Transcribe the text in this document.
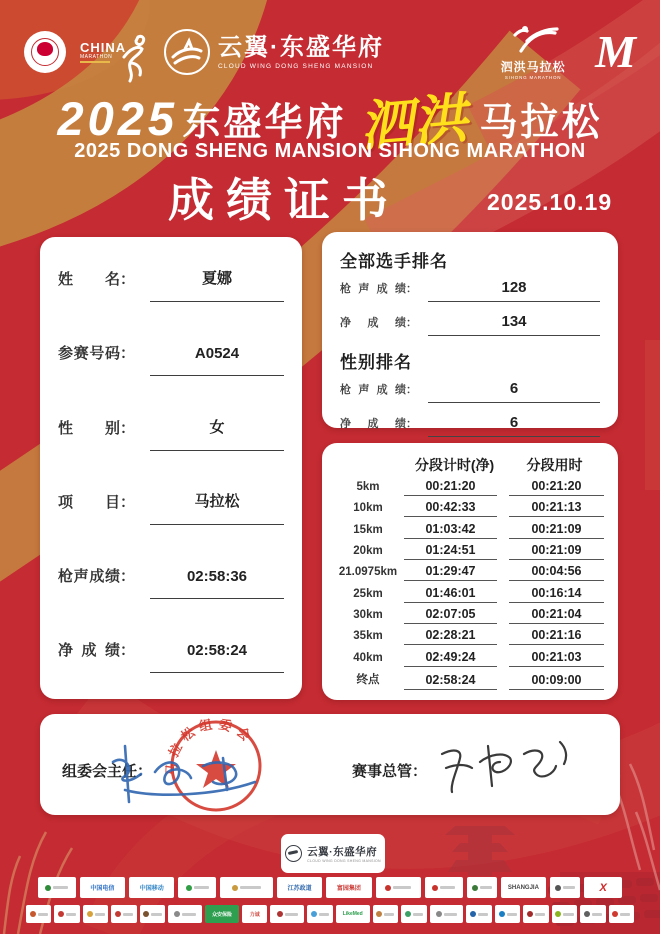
CHINA
MARATHON	云翼·东盛华府
CLOUD WING DONG SHENG MANSION	泗洪马拉松
SIHONG MARATHON M
2025 东盛华府 泗洪 马拉松
2025 DONG SHENG MANSION SIHONG MARATHON
成绩证书	2025.10.19
姓名：	夏娜
参赛号码：	A0524
性别：	女
项目：	马拉松
枪声成绩：	02:58:36
净成绩：	02:58:24
全部选手排名
枪声成绩：	128
净成绩：	134
性别排名
枪声成绩：	6
净成绩：	6
分段计时(净)	分段用时
5km	00:21:20	00:21:20
10km	00:42:33	00:21:13
15km	01:03:42	00:21:09
20km	01:24:51	00:21:09
21.0975km	01:29:47	00:04:56
25km	01:46:01	00:16:14
30km	02:07:05	00:21:04
35km	02:28:21	00:21:16
40km	02:49:24	00:21:03
终点	02:58:24	00:09:00
组委会主任： 马拉松组委会
赛事总管：
云翼·东盛华府
CLOUD WING DONG SHENG MANSION
中国电信	中国移动	江苏政道	富园集团	SHANGJIA	X
众安保险	力诚	LikeMed
